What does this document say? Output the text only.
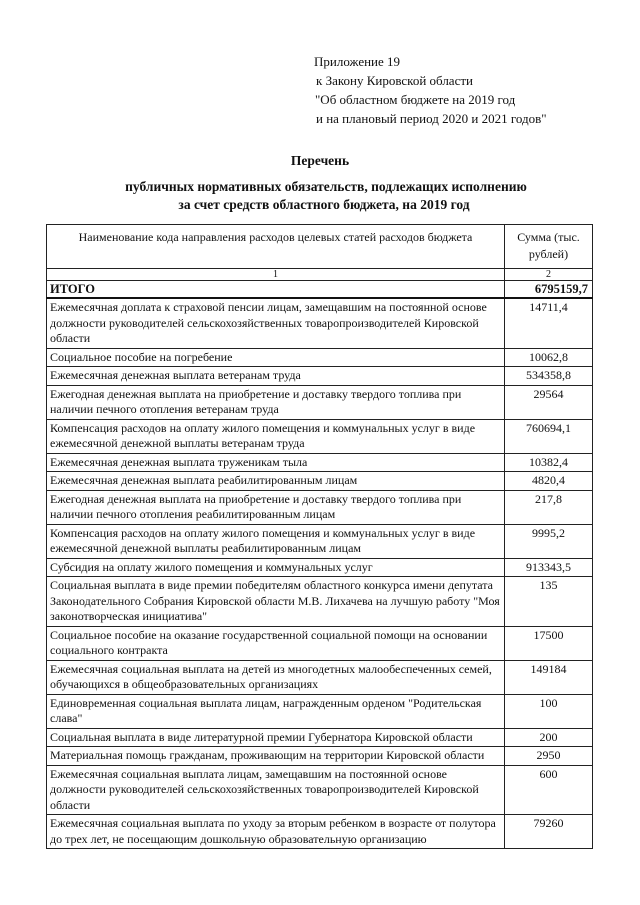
Приложение 19
к Закону Кировской области
"Об областном бюджете на 2019 год
и на плановый период 2020 и 2021 годов"
Перечень
публичных нормативных обязательств, подлежащих исполнению
за счет средств областного бюджета, на 2019 год
Наименование кода направления расходов целевых статей расходов бюджета	Сумма (тыс. рублей)
1	2
ИТОГО	6795159,7
Ежемесячная доплата к страховой пенсии лицам, замещавшим на постоянной основе должности руководителей сельскохозяйственных товаропроизводителей Кировской области	14711,4
Социальное пособие на погребение	10062,8
Ежемесячная денежная выплата ветеранам труда	534358,8
Ежегодная денежная выплата на приобретение и доставку твердого топлива при наличии печного отопления ветеранам труда	29564
Компенсация расходов на оплату жилого помещения и коммунальных услуг в виде ежемесячной денежной выплаты ветеранам труда	760694,1
Ежемесячная денежная выплата труженикам тыла	10382,4
Ежемесячная денежная выплата реабилитированным лицам	4820,4
Ежегодная денежная выплата на приобретение и доставку твердого топлива при наличии печного отопления реабилитированным лицам	217,8
Компенсация расходов на оплату жилого помещения и коммунальных услуг в виде ежемесячной денежной выплаты реабилитированным лицам	9995,2
Субсидия на оплату жилого помещения и коммунальных услуг	913343,5
Социальная выплата в виде премии победителям областного конкурса имени депутата Законодательного Собрания Кировской области М.В. Лихачева на лучшую работу "Моя законотворческая инициатива"	135
Социальное пособие на оказание государственной социальной помощи на основании социального контракта	17500
Ежемесячная социальная выплата на детей из многодетных малообеспеченных семей, обучающихся в общеобразовательных организациях	149184
Единовременная социальная выплата лицам, награжденным орденом "Родительская слава"	100
Социальная выплата в виде литературной премии Губернатора Кировской области	200
Материальная помощь гражданам, проживающим на территории Кировской области	2950
Ежемесячная социальная выплата лицам, замещавшим на постоянной основе должности руководителей сельскохозяйственных товаропроизводителей Кировской области	600
Ежемесячная социальная выплата по уходу за вторым ребенком в возрасте от полутора до трех лет, не посещающим дошкольную образовательную организацию	79260
